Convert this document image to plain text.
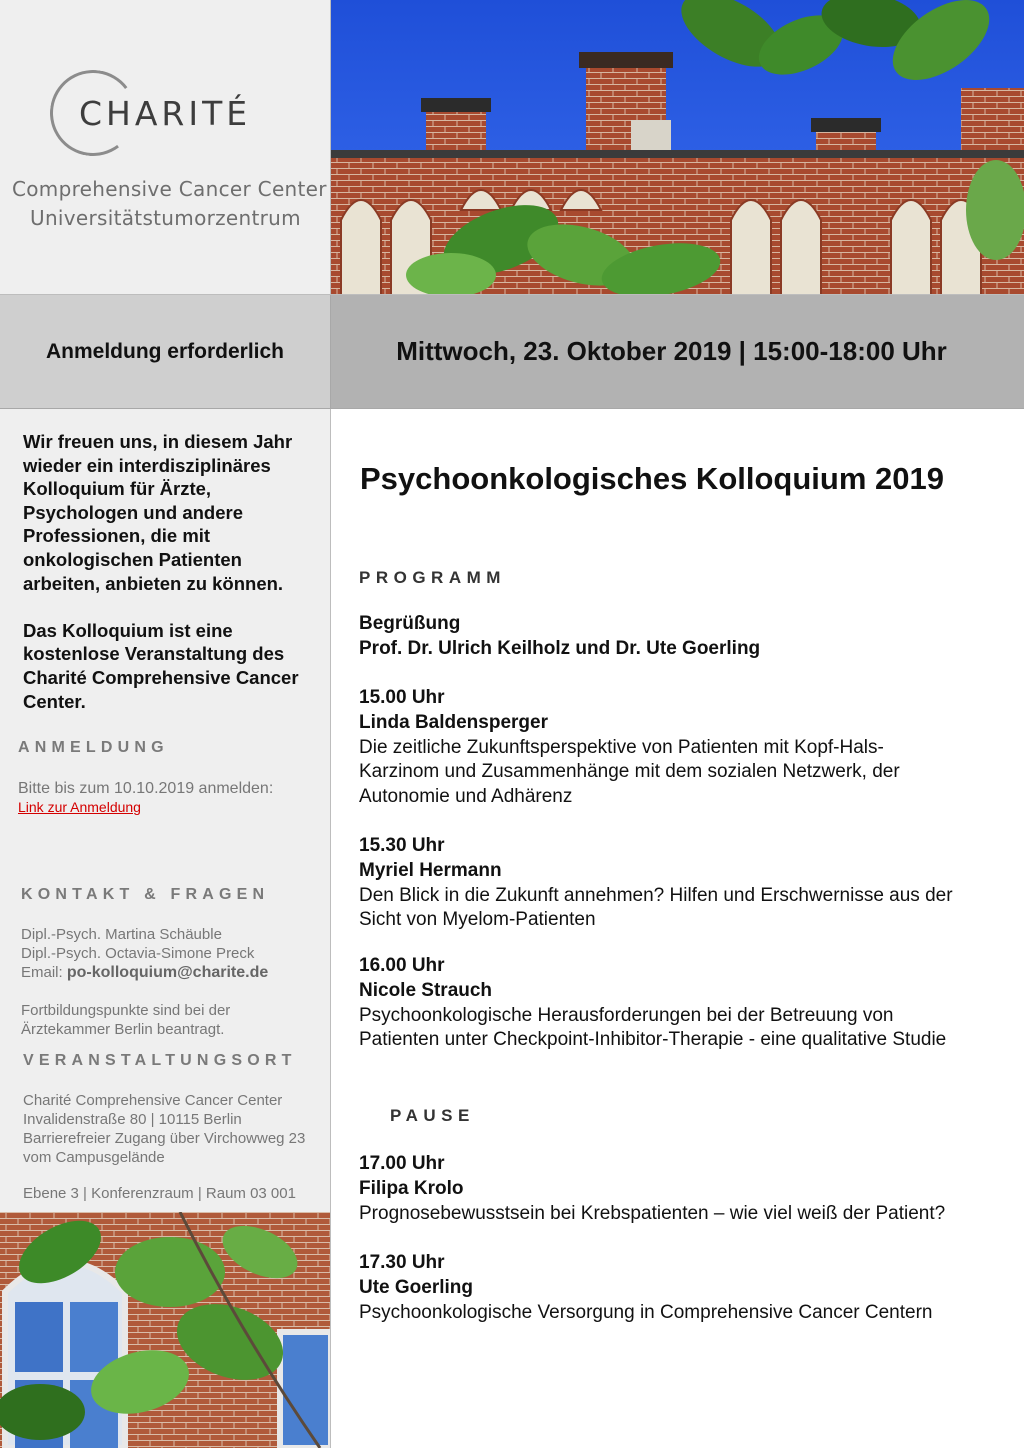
CHARITÉ
Comprehensive Cancer Center
Universitätstumorzentrum
Anmeldung erforderlich	Mittwoch, 23. Oktober 2019 | 15:00-18:00 Uhr

Wir freuen uns, in diesem Jahr wieder ein interdisziplinäres Kolloquium für Ärzte, Psychologen und andere Professionen, die mit onkologischen Patienten arbeiten, anbieten zu können.

Das Kolloquium ist eine kostenlose Veranstaltung des Charité Comprehensive Cancer Center.

ANMELDUNG
Bitte bis zum 10.10.2019 anmelden:
Link zur Anmeldung
KONTAKT & FRAGEN
Dipl.-Psych. Martina Schäuble
Dipl.-Psych. Octavia-Simone Preck
Email: po-kolloquium@charite.de
Fortbildungspunkte sind bei der
Ärztekammer Berlin beantragt.
VERANSTALTUNGSORT
Charité Comprehensive Cancer Center
Invalidenstraße 80 | 10115 Berlin
Barrierefreier Zugang über Virchowweg 23
vom Campusgelände
Ebene 3 | Konferenzraum | Raum 03 001
Psychoonkologisches Kolloquium 2019
PROGRAMM
Begrüßung
Prof. Dr. Ulrich Keilholz und Dr. Ute Goerling
15.00 Uhr
Linda Baldensperger
Die zeitliche Zukunftsperspektive von Patienten mit Kopf-Hals-Karzinom und Zusammenhänge mit dem sozialen Netzwerk, der Autonomie und Adhärenz
15.30 Uhr
Myriel Hermann
Den Blick in die Zukunft annehmen? Hilfen und Erschwernisse aus der Sicht von Myelom-Patienten
16.00 Uhr
Nicole Strauch
Psychoonkologische Herausforderungen bei der Betreuung von Patienten unter Checkpoint-Inhibitor-Therapie - eine qualitative Studie
PAUSE
17.00 Uhr
Filipa Krolo
Prognosebewusstsein bei Krebspatienten – wie viel weiß der Patient?
17.30 Uhr
Ute Goerling
Psychoonkologische Versorgung in Comprehensive Cancer Centern
